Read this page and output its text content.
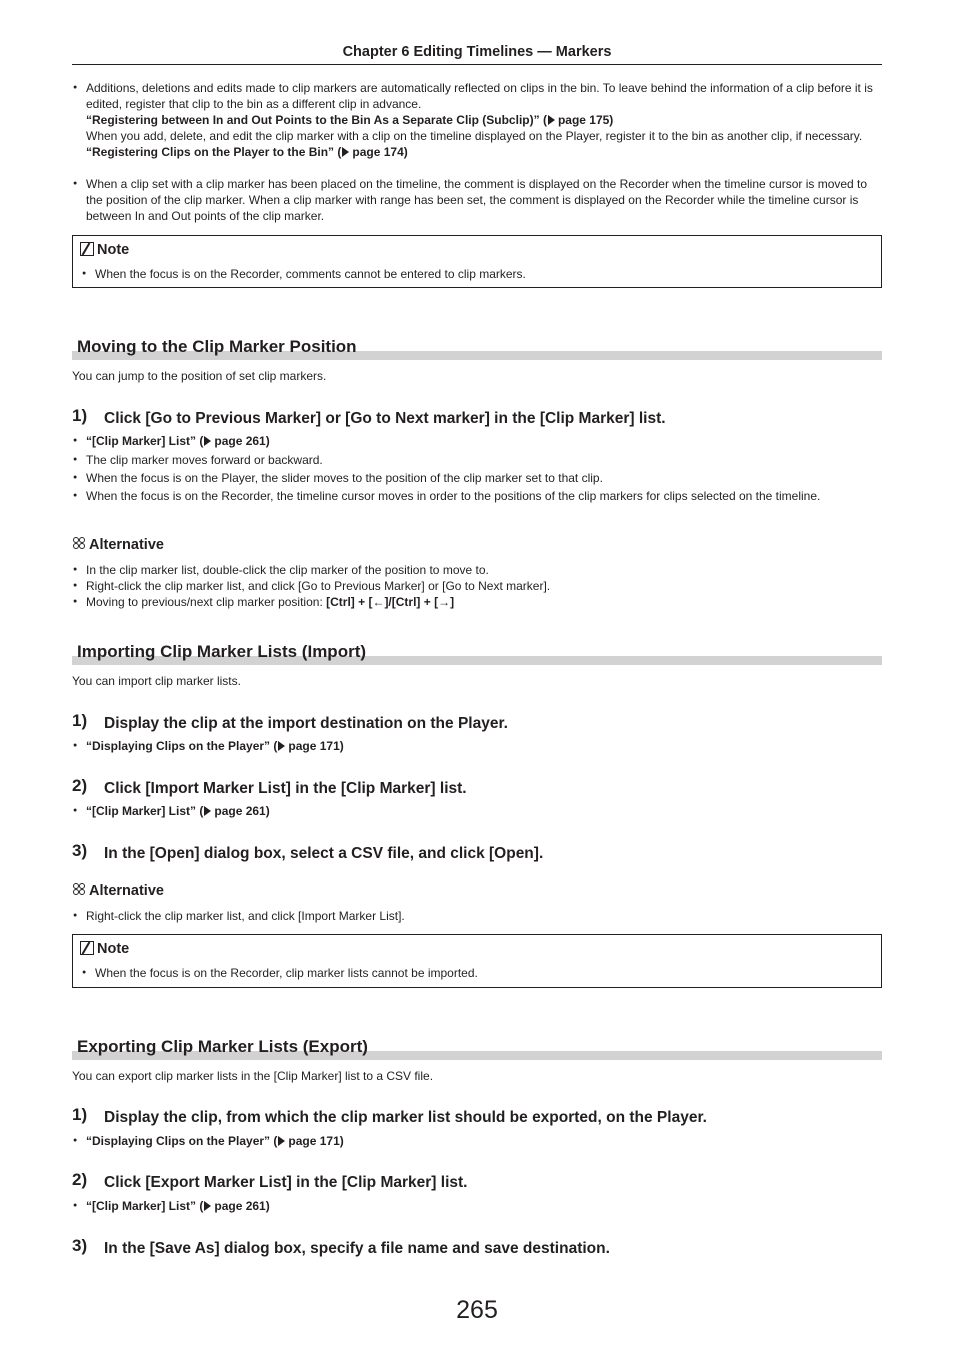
Chapter 6 Editing Timelines — Markers
● Additions, deletions and edits made to clip markers are automatically reflected on clips in the bin. To leave behind the information of a clip before it is edited, register that clip to the bin as a different clip in advance.
“Registering between In and Out Points to the Bin As a Separate Clip (Subclip)” ( page 175)
When you add, delete, and edit the clip marker with a clip on the timeline displayed on the Player, register it to the bin as another clip, if necessary.
“Registering Clips on the Player to the Bin” ( page 174)
● When a clip set with a clip marker has been placed on the timeline, the comment is displayed on the Recorder when the timeline cursor is moved to the position of the clip marker. When a clip marker with range has been set, the comment is displayed on the Recorder while the timeline cursor is between In and Out points of the clip marker.
Note
● When the focus is on the Recorder, comments cannot be entered to clip markers.
Moving to the Clip Marker Position
You can jump to the position of set clip markers.
1) Click [Go to Previous Marker] or [Go to Next marker] in the [Clip Marker] list.
● “[Clip Marker] List” ( page 261)
● The clip marker moves forward or backward.
● When the focus is on the Player, the slider moves to the position of the clip marker set to that clip.
● When the focus is on the Recorder, the timeline cursor moves in order to the positions of the clip markers for clips selected on the timeline.
Alternative
● In the clip marker list, double-click the clip marker of the position to move to.
● Right-click the clip marker list, and click [Go to Previous Marker] or [Go to Next marker].
● Moving to previous/next clip marker position: [Ctrl] + [←]/[Ctrl] + [→]
Importing Clip Marker Lists (Import)
You can import clip marker lists.
1) Display the clip at the import destination on the Player.
● “Displaying Clips on the Player” ( page 171)
2) Click [Import Marker List] in the [Clip Marker] list.
● “[Clip Marker] List” ( page 261)
3) In the [Open] dialog box, select a CSV file, and click [Open].
Alternative
● Right-click the clip marker list, and click [Import Marker List].
Note
● When the focus is on the Recorder, clip marker lists cannot be imported.
Exporting Clip Marker Lists (Export)
You can export clip marker lists in the [Clip Marker] list to a CSV file.
1) Display the clip, from which the clip marker list should be exported, on the Player.
● “Displaying Clips on the Player” ( page 171)
2) Click [Export Marker List] in the [Clip Marker] list.
● “[Clip Marker] List” ( page 261)
3) In the [Save As] dialog box, specify a file name and save destination.
265
